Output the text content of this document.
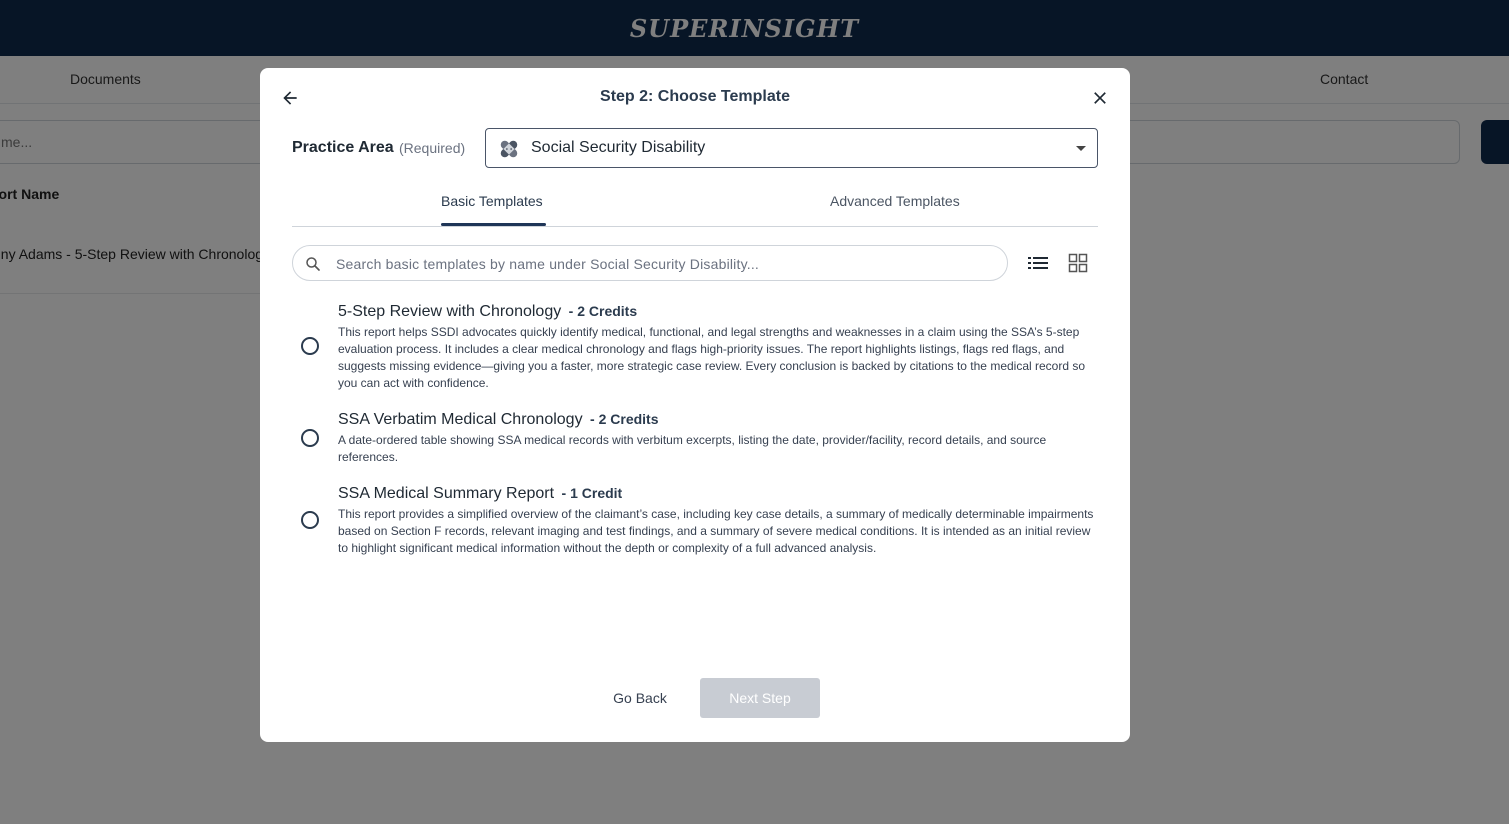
Step 2: Choose Template
Practice Area (Required)	Social Security Disability
Basic Templates	Advanced Templates
Search basic templates by name under Social Security Disability...
5-Step Review with Chronology - 2 Credits
This report helps SSDI advocates quickly identify medical, functional, and legal strengths and weaknesses in a claim using the SSA’s 5-step evaluation process. It includes a clear medical chronology and flags high-priority issues. The report highlights listings, flags red flags, and suggests missing evidence—giving you a faster, more strategic case review. Every conclusion is backed by citations to the medical record so you can act with confidence.
SSA Verbatim Medical Chronology - 2 Credits
A date-ordered table showing SSA medical records with verbitum excerpts, listing the date, provider/facility, record details, and source references.
SSA Medical Summary Report - 1 Credit
This report provides a simplified overview of the claimant’s case, including key case details, a summary of medically determinable impairments based on Section F records, relevant imaging and test findings, and a summary of severe medical conditions. It is intended as an initial review to highlight significant medical information without the depth or complexity of a full advanced analysis.
Go Back	Next Step
